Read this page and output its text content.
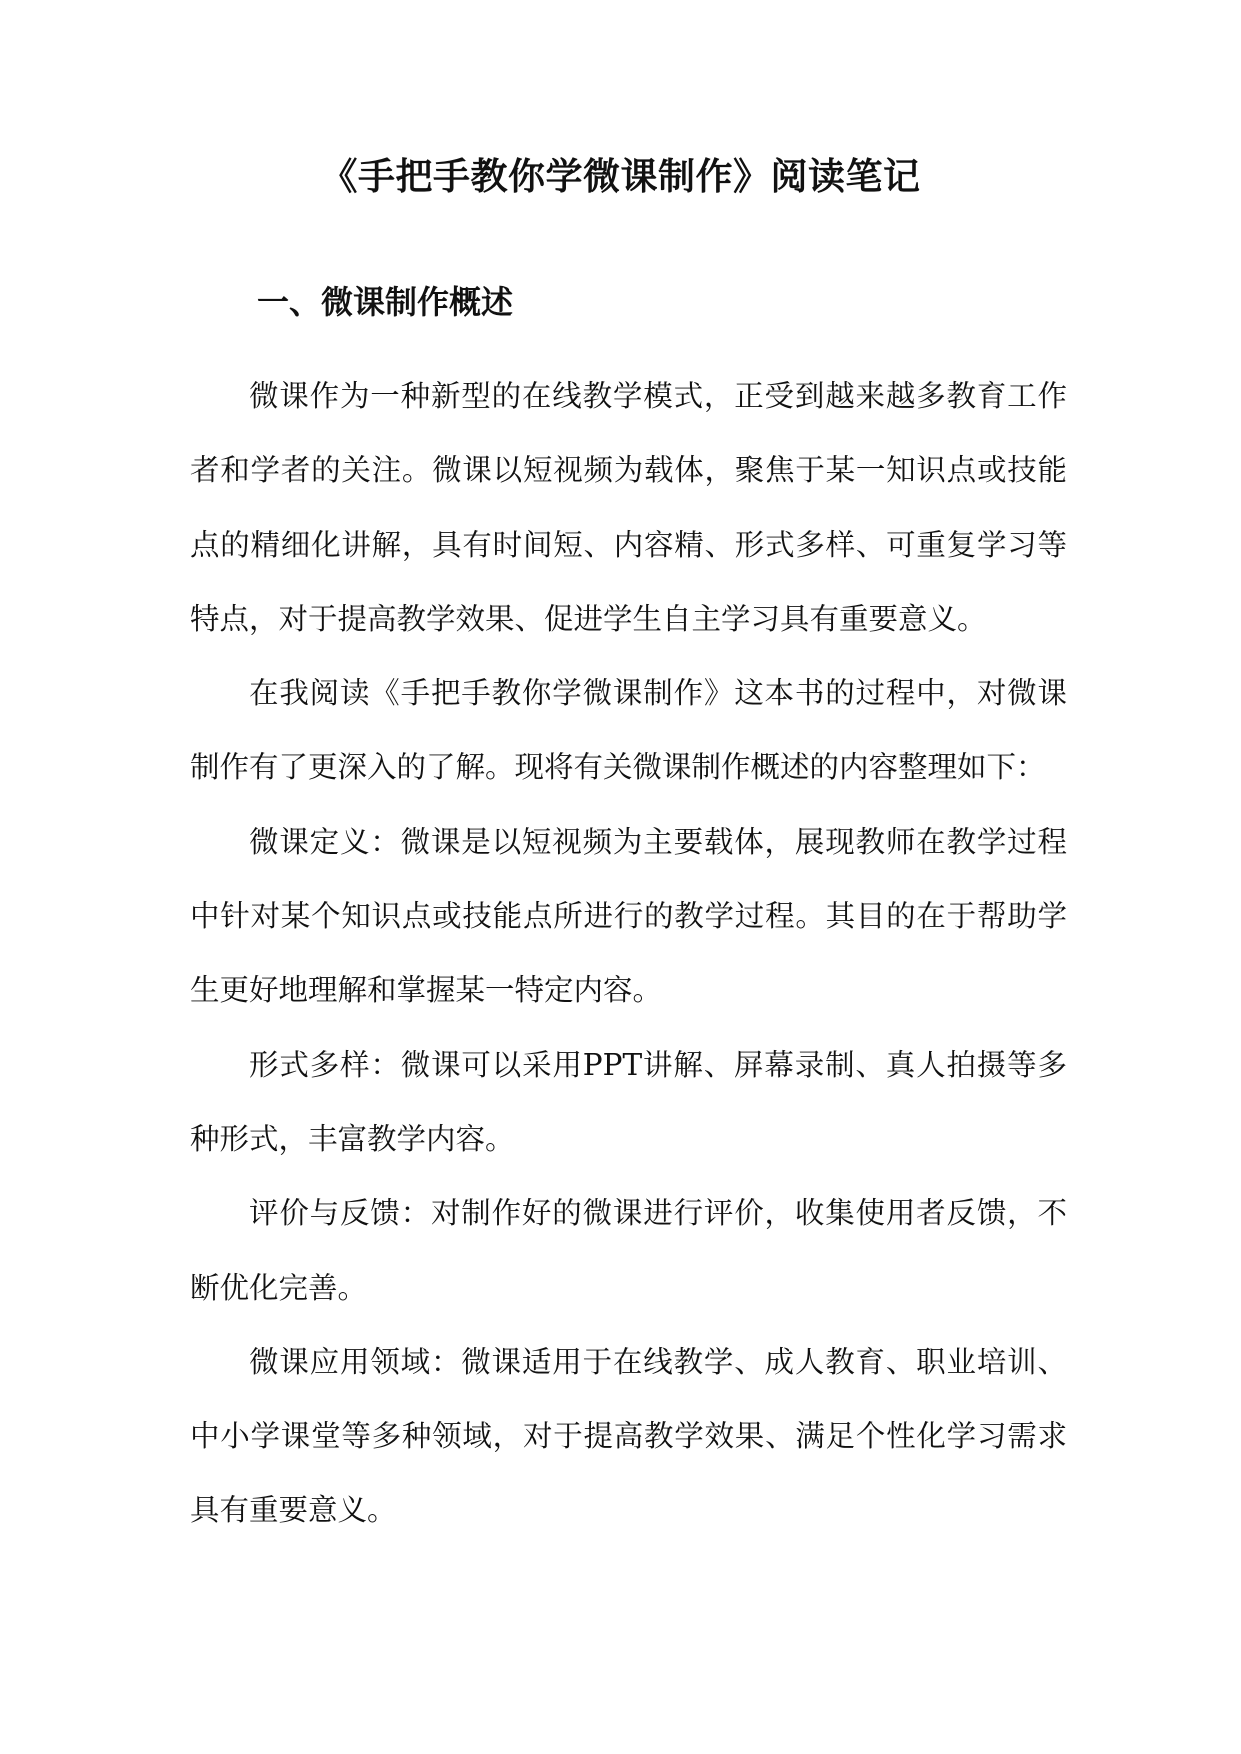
《手把手教你学微课制作》阅读笔记
一、微课制作概述

微课作为一种新型的在线教学模式，正受到越来越多教育工作者和学者的关注。微课以短视频为载体，聚焦于某一知识点或技能点的精细化讲解，具有时间短、内容精、形式多样、可重复学习等特点，对于提高教学效果、促进学生自主学习具有重要意义。

在我阅读《手把手教你学微课制作》这本书的过程中，对微课制作有了更深入的了解。现将有关微课制作概述的内容整理如下：

微课定义：微课是以短视频为主要载体，展现教师在教学过程中针对某个知识点或技能点所进行的教学过程。其目的在于帮助学生更好地理解和掌握某一特定内容。

形式多样：微课可以采用PPT讲解、屏幕录制、真人拍摄等多种形式，丰富教学内容。

评价与反馈：对制作好的微课进行评价，收集使用者反馈，不断优化完善。

微课应用领域：微课适用于在线教学、成人教育、职业培训、中小学课堂等多种领域，对于提高教学效果、满足个性化学习需求具有重要意义。
